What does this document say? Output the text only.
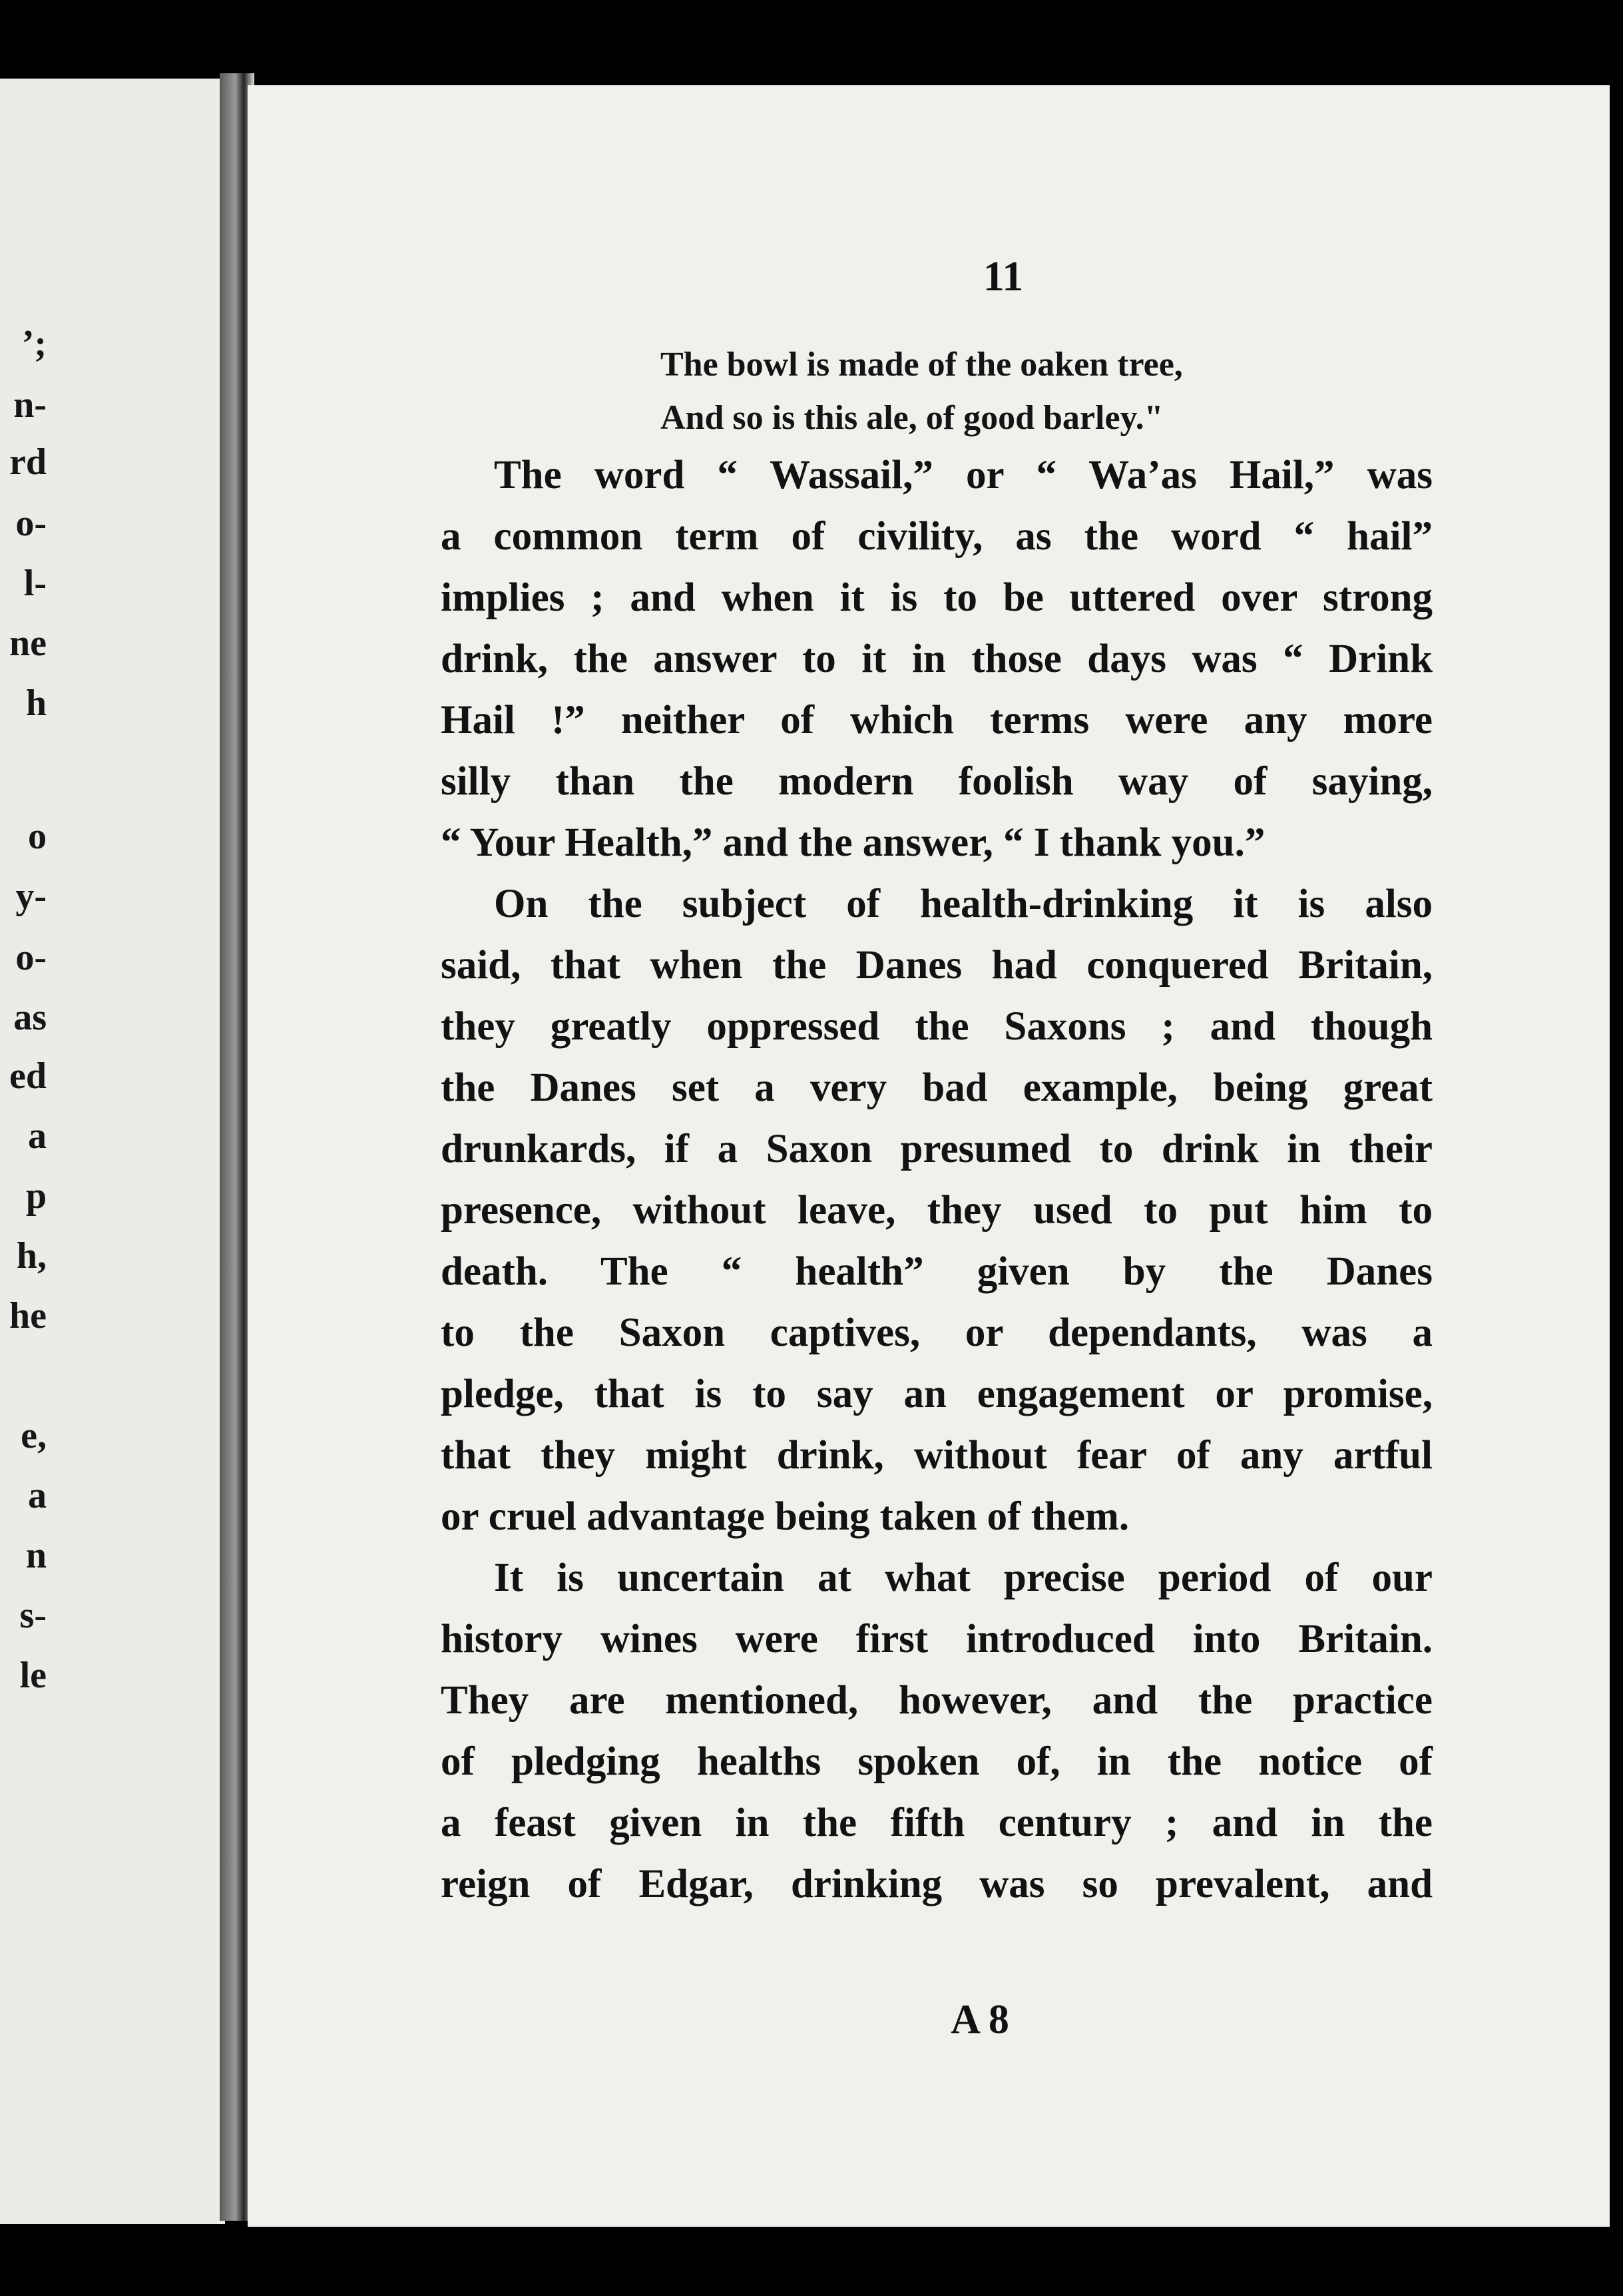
ʼ;
n-
rd
o-
l-
ne
h
o
y-
o-
as
ed
a
p
h,
he
e,
a
n
s-
le
11
The bowl is made of the oaken tree,
And so is this ale, of good barley."
The word “ Wassail,” or “ Wa’as Hail,” was
a common term of civility, as the word “ hail”
implies ; and when it is to be uttered over strong
drink, the answer to it in those days was “ Drink
Hail !” neither of which terms were any more
silly than the modern foolish way of saying,
“ Your Health,” and the answer, “ I thank you.”
On the subject of health-drinking it is also
said, that when the Danes had conquered Britain,
they greatly oppressed the Saxons ; and though
the Danes set a very bad example, being great
drunkards, if a Saxon presumed to drink in their
presence, without leave, they used to put him to
death. The “ health” given by the Danes
to the Saxon captives, or dependants, was a
pledge, that is to say an engagement or promise,
that they might drink, without fear of any artful
or cruel advantage being taken of them.
It is uncertain at what precise period of our
history wines were first introduced into Britain.
They are mentioned, however, and the practice
of pledging healths spoken of, in the notice of
a feast given in the fifth century ; and in the
reign of Edgar, drinking was so prevalent, and
A 8
